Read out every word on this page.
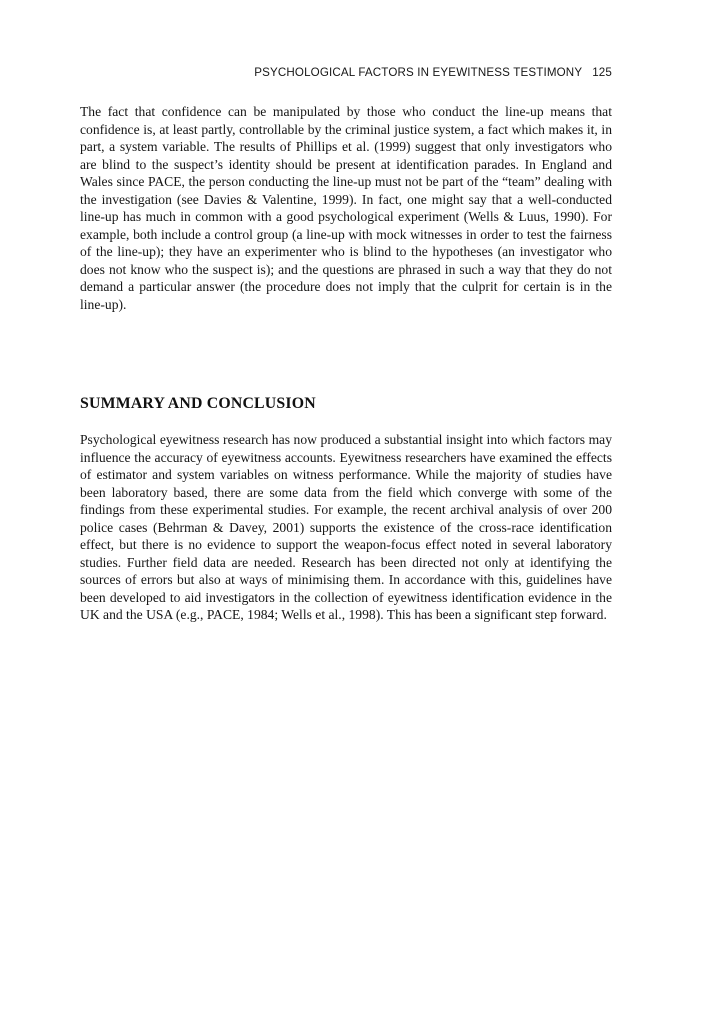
PSYCHOLOGICAL FACTORS IN EYEWITNESS TESTIMONY 125

The fact that confidence can be manipulated by those who conduct the line-up means that confidence is, at least partly, controllable by the criminal justice system, a fact which makes it, in part, a system variable. The results of Phillips et al. (1999) suggest that only investigators who are blind to the suspect’s identity should be present at identification parades. In England and Wales since PACE, the person conducting the line-up must not be part of the “team” dealing with the investigation (see Davies & Valentine, 1999). In fact, one might say that a well-conducted line-up has much in common with a good psychological experiment (Wells & Luus, 1990). For example, both include a control group (a line-up with mock witnesses in order to test the fairness of the line-up); they have an experimenter who is blind to the hypotheses (an investigator who does not know who the suspect is); and the questions are phrased in such a way that they do not demand a particular answer (the procedure does not imply that the culprit for certain is in the line-up).

SUMMARY AND CONCLUSION

Psychological eyewitness research has now produced a substantial insight into which factors may influence the accuracy of eyewitness accounts. Eyewitness researchers have examined the effects of estimator and system variables on witness performance. While the majority of studies have been laboratory based, there are some data from the field which converge with some of the findings from these experimental studies. For example, the recent archival analysis of over 200 police cases (Behrman & Davey, 2001) supports the existence of the cross-race identification effect, but there is no evidence to support the weapon-focus effect noted in several laboratory studies. Further field data are needed. Research has been directed not only at identifying the sources of errors but also at ways of minimising them. In accordance with this, guidelines have been developed to aid investigators in the collection of eyewitness identification evidence in the UK and the USA (e.g., PACE, 1984; Wells et al., 1998). This has been a significant step forward.
